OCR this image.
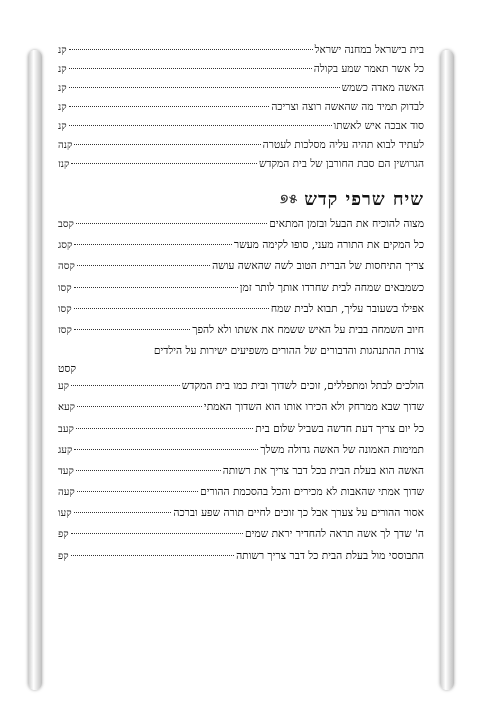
בית בישראל במחנה ישראל
קנ
כל אשר תאמר שמע בקולה
קנ
האשה מאדה כשמש
קנ
לבדוק תמיד מה שהאשה רוצה וצריכה
קנ
סוד אבכה איש לאשתו
קנ
לעתיד לבוא תהיה עליה מסלכות לעטרה
קנה
הגרושין הם סבת החורבן של בית המקדש
קנז
שיח שרפי קדש
୭୫
מצוה להוכיח את הבעל ובזמן המתאים
קסב
כל המקים את התורה מעני, סופו לקימה מעשר
קסג
צריך התיחסות של הברית הטוב לשה שהאשה עושה
קסה
כשמבאים שמחה לבית שחרדו אותך לותר זמן
קסו
אפילו בשעובר עליך, תבוא לבית שמח
קסו
חיוב השמחה בבית על האיש ששמח את אשתו ולא להפך
קסז
צורת ההתנהגות והדבורים של ההורים משפיעים ישירות על הילדים
קסט
הולכים לבתל ומתפללים, זוכים לשדוך ובית כמו בית המקדש
קע
שדוך שבא ממרחק ולא הכירו אותו הוא השדוך האמתי
קעא
כל יום צריך דעת חדשה בשביל שלום בית
קעב
תמימות האמונה של האשה גדולה משלך
קעג
האשה הוא בעלת הבית בכל דבר צריך את רשותה
קעד
שדוך אמתי שהאבות לא מכירים והכל בהסכמת ההורים
קעה
אסור ההורים על צערך אבל כך זוכים לחיים תורה שפע וברכה
קעו
ה' שדך לך אשה תראה להחדיר יראת שמים
קפ
התבוססי מול בעלת הבית כל דבר צריך רשותה
קפ
